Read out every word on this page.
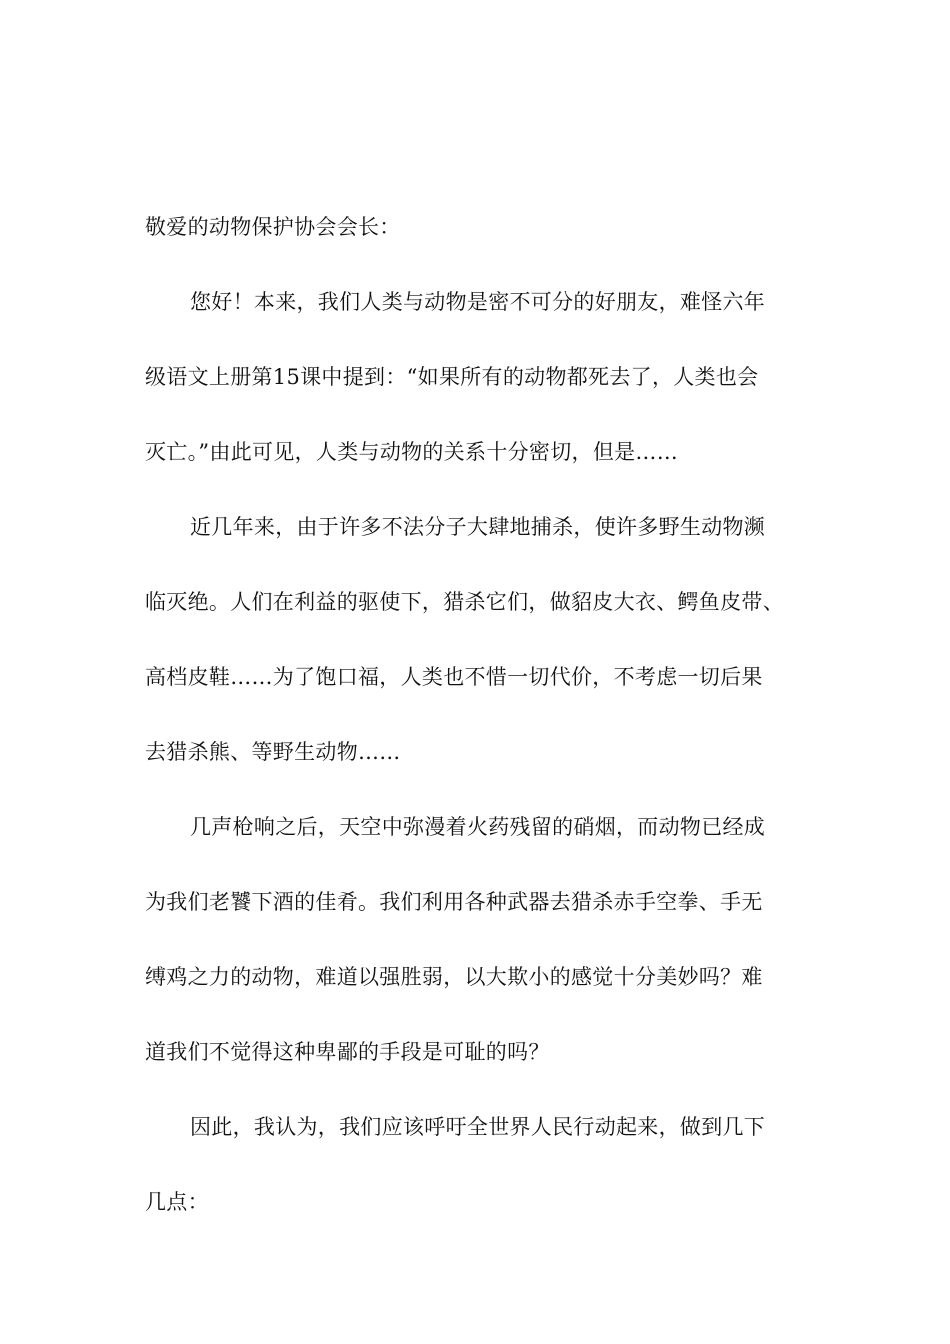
敬爱的动物保护协会会长：

您好！本来，我们人类与动物是密不可分的好朋友，难怪六年

级语文上册第15课中提到：“如果所有的动物都死去了，人类也会

灭亡。”由此可见，人类与动物的关系十分密切，但是……

近几年来，由于许多不法分子大肆地捕杀，使许多野生动物濒

临灭绝。人们在利益的驱使下，猎杀它们，做貂皮大衣、鳄鱼皮带、

高档皮鞋……为了饱口福，人类也不惜一切代价，不考虑一切后果

去猎杀熊、等野生动物……

几声枪响之后，天空中弥漫着火药残留的硝烟，而动物已经成

为我们老饕下酒的佳肴。我们利用各种武器去猎杀赤手空拳、手无

缚鸡之力的动物，难道以强胜弱，以大欺小的感觉十分美妙吗？难

道我们不觉得这种卑鄙的手段是可耻的吗？

因此，我认为，我们应该呼吁全世界人民行动起来，做到几下

几点：
